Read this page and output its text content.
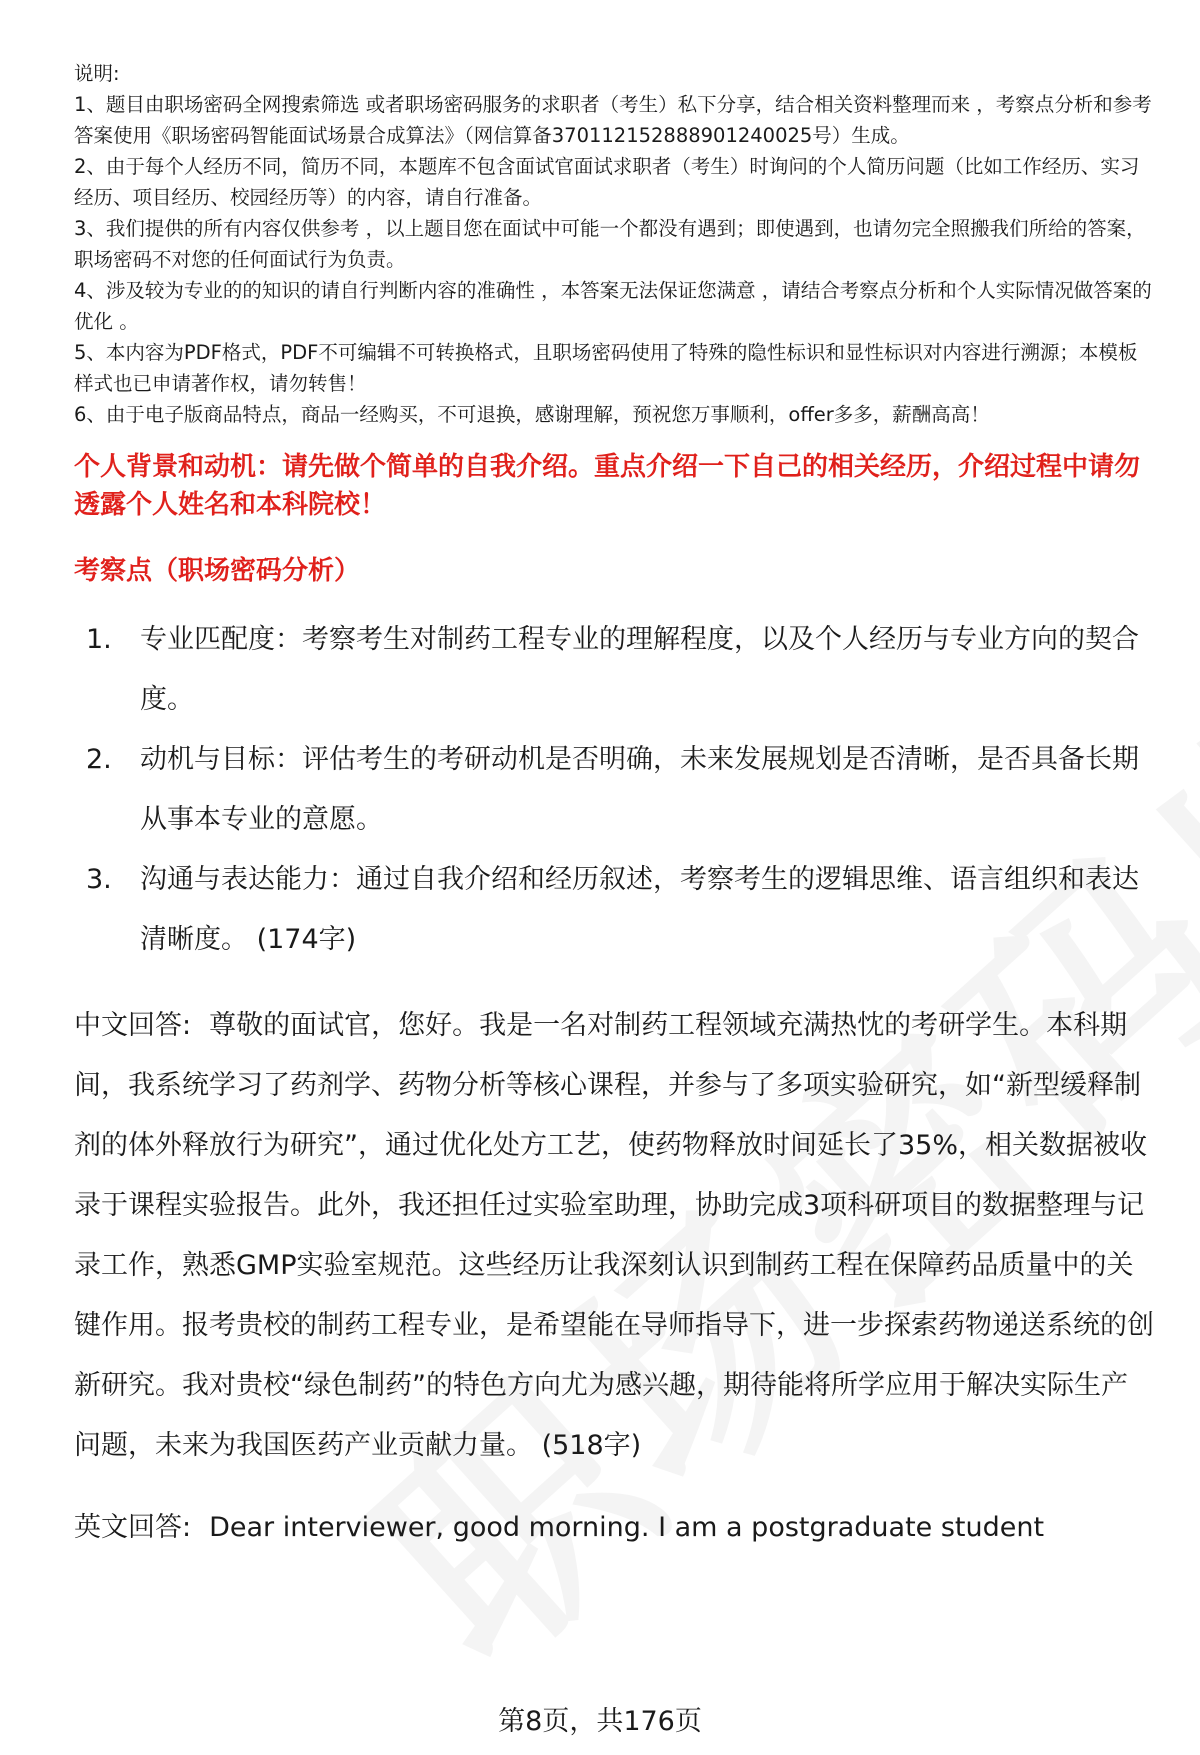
说明:

1、题目由职场密码全网搜索筛选 或者职场密码服务的求职者（考生）私下分享，结合相关资料整理而来 ，考察点分析和参考答案使用《职场密码智能面试场景合成算法》（网信算备370112152888901240025号）生成。

2、由于每个人经历不同，简历不同，本题库不包含面试官面试求职者（考生）时询问的个人简历问题（比如工作经历、实习经历、项目经历、校园经历等）的内容，请自行准备。

3、我们提供的所有内容仅供参考 ，以上题目您在面试中可能一个都没有遇到；即使遇到，也请勿完全照搬我们所给的答案，职场密码不对您的任何面试行为负责。

4、涉及较为专业的的知识的请自行判断内容的准确性 ，本答案无法保证您满意 ，请结合考察点分析和个人实际情况做答案的优化 。

5、本内容为PDF格式，PDF不可编辑不可转换格式，且职场密码使用了特殊的隐性标识和显性标识对内容进行溯源；本模板样式也已申请著作权，请勿转售！

6、由于电子版商品特点，商品一经购买，不可退换，感谢理解，预祝您万事顺利，offer多多，薪酬高高！

个人背景和动机：请先做个简单的自我介绍。重点介绍一下自己的相关经历，介绍过程中请勿透露个人姓名和本科院校！
考察点（职场密码分析）
1.	专业匹配度：考察考生对制药工程专业的理解程度，以及个人经历与专业方向的契合度。
2.	动机与目标：评估考生的考研动机是否明确，未来发展规划是否清晰，是否具备长期从事本专业的意愿。
3.	沟通与表达能力：通过自我介绍和经历叙述，考察考生的逻辑思维、语言组织和表达清晰度。 (174字)
中文回答: 尊敬的面试官，您好。我是一名对制药工程领域充满热忱的考研学生。本科期间，我系统学习了药剂学、药物分析等核心课程，并参与了多项实验研究，如“新型缓释制剂的体外释放行为研究”，通过优化处方工艺，使药物释放时间延长了35%，相关数据被收录于课程实验报告。此外，我还担任过实验室助理，协助完成3项科研项目的数据整理与记录工作，熟悉GMP实验室规范。这些经历让我深刻认识到制药工程在保障药品质量中的关键作用。报考贵校的制药工程专业，是希望能在导师指导下，进一步探索药物递送系统的创新研究。我对贵校“绿色制药”的特色方向尤为感兴趣，期待能将所学应用于解决实际生产问题，未来为我国医药产业贡献力量。 (518字)
英文回答: Dear interviewer, good morning. I am a postgraduate student
第8页，共176页
